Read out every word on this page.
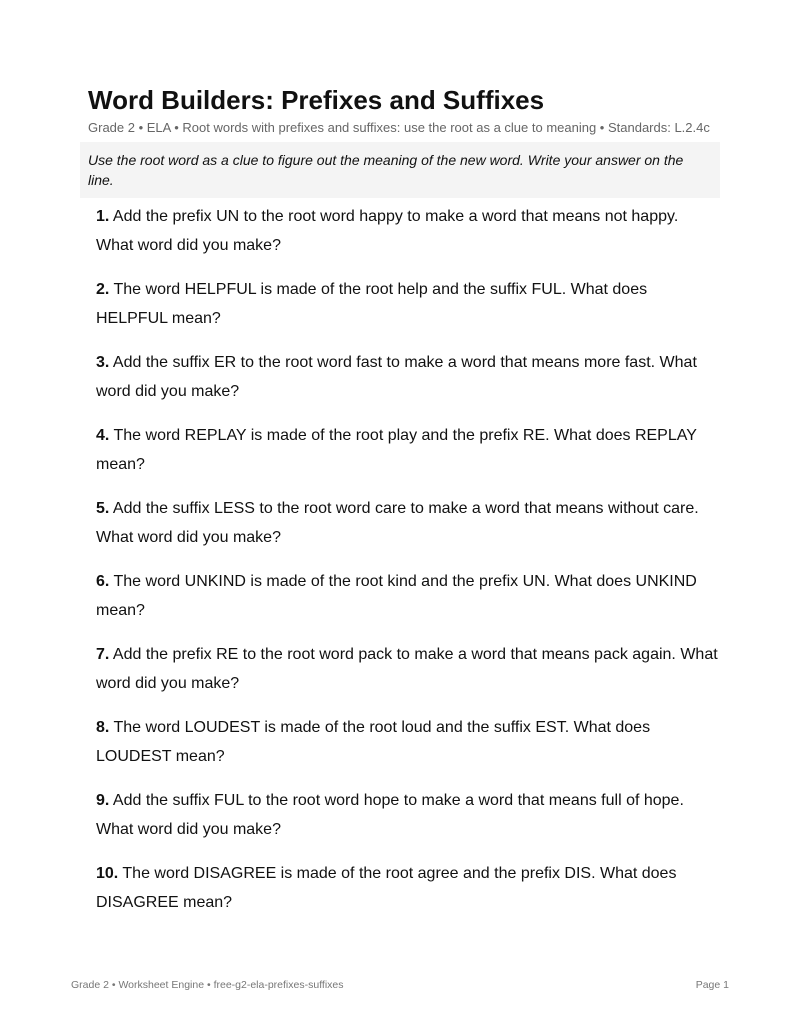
Word Builders: Prefixes and Suffixes
Grade 2 • ELA • Root words with prefixes and suffixes: use the root as a clue to meaning • Standards: L.2.4c
Use the root word as a clue to figure out the meaning of the new word. Write your answer on the line.
1. Add the prefix UN to the root word happy to make a word that means not happy. What word did you make?
2. The word HELPFUL is made of the root help and the suffix FUL. What does HELPFUL mean?
3. Add the suffix ER to the root word fast to make a word that means more fast. What word did you make?
4. The word REPLAY is made of the root play and the prefix RE. What does REPLAY mean?
5. Add the suffix LESS to the root word care to make a word that means without care. What word did you make?
6. The word UNKIND is made of the root kind and the prefix UN. What does UNKIND mean?
7. Add the prefix RE to the root word pack to make a word that means pack again. What word did you make?
8. The word LOUDEST is made of the root loud and the suffix EST. What does LOUDEST mean?
9. Add the suffix FUL to the root word hope to make a word that means full of hope. What word did you make?
10. The word DISAGREE is made of the root agree and the prefix DIS. What does DISAGREE mean?
Grade 2 • Worksheet Engine • free-g2-ela-prefixes-suffixes	Page 1
